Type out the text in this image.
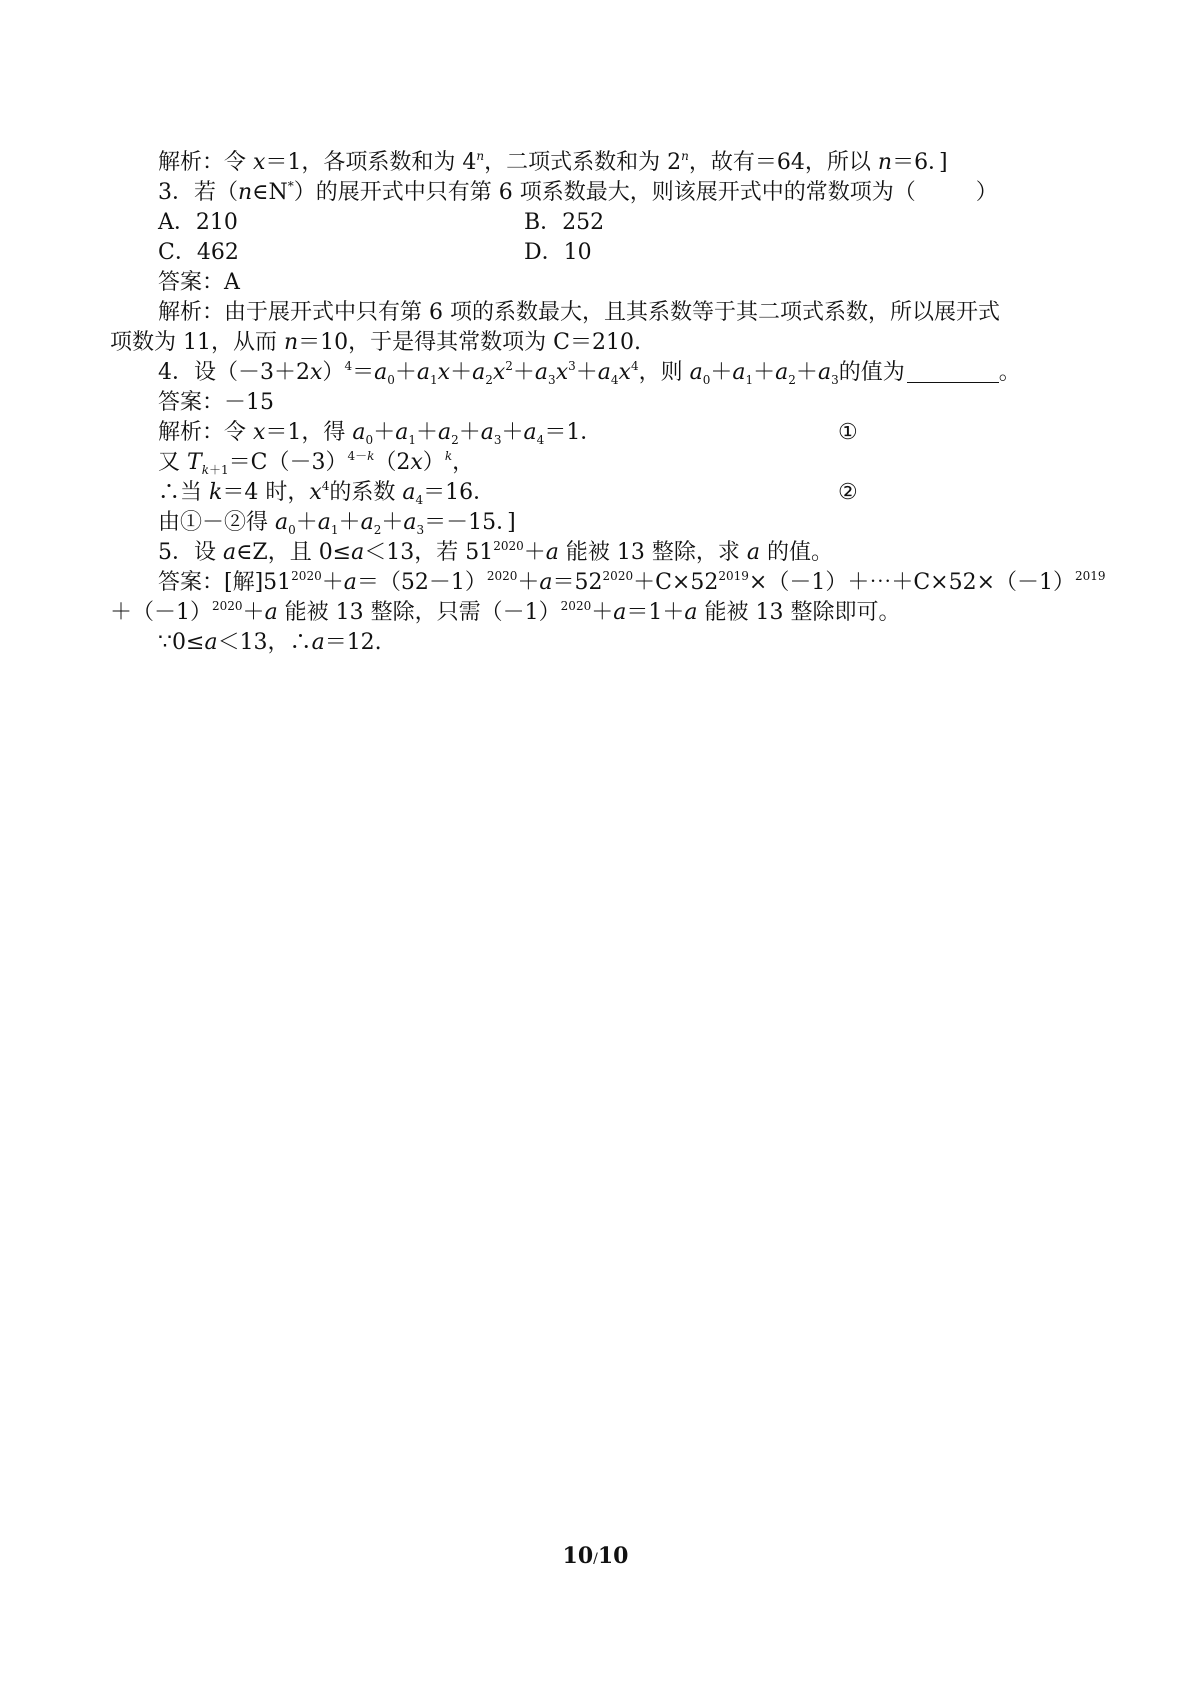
解析：令 x＝1，各项系数和为 4$^n$，二项式系数和为 2$^n$，故有＝64，所以 n＝6．]
3．若（n∈N*）的展开式中只有第 6 项系数最大，则该展开式中的常数项为（	）
A．210	B．252
C．462	D．10
答案：A
解析：由于展开式中只有第 6 项的系数最大，且其系数等于其二项式系数，所以展开式
项数为 11，从而 n＝10，于是得其常数项为 C＝210.
4．设$(-3+2x)^4=a_0+a_1x+a_2x^2+a_3x^3+a_4x^4$，则 $a_0+a_1+a_2+a_3$的值为	。
答案：－15
解析：令 x＝1，得 $a_0+a_1+a_2+a_3+a_4=1$．	①
又 $T_{k+1}=C(-3)^{4-k}(2x)^k$，
∴当 k＝4 时，$x^4$的系数 $a_4=16$．	②
由①－②得 $a_0+a_1+a_2+a_3=-15$．]
5．设 a∈Z，且 0≤a＜13，若 $51^{2020}+a$ 能被 13 整除，求 a 的值。
答案：[解]$51^{2020}+a=(52-1)^{2020}+a=52^{2020}+C\times 52^{2019}\times(-1)+\cdots+C\times 52\times(-1)^{2019}$
$+(-1)^{2020}+a$ 能被 13 整除，只需$(-1)^{2020}+a=1+a$ 能被 13 整除即可。
∵0≤a＜13，∴a＝12.
10/10
